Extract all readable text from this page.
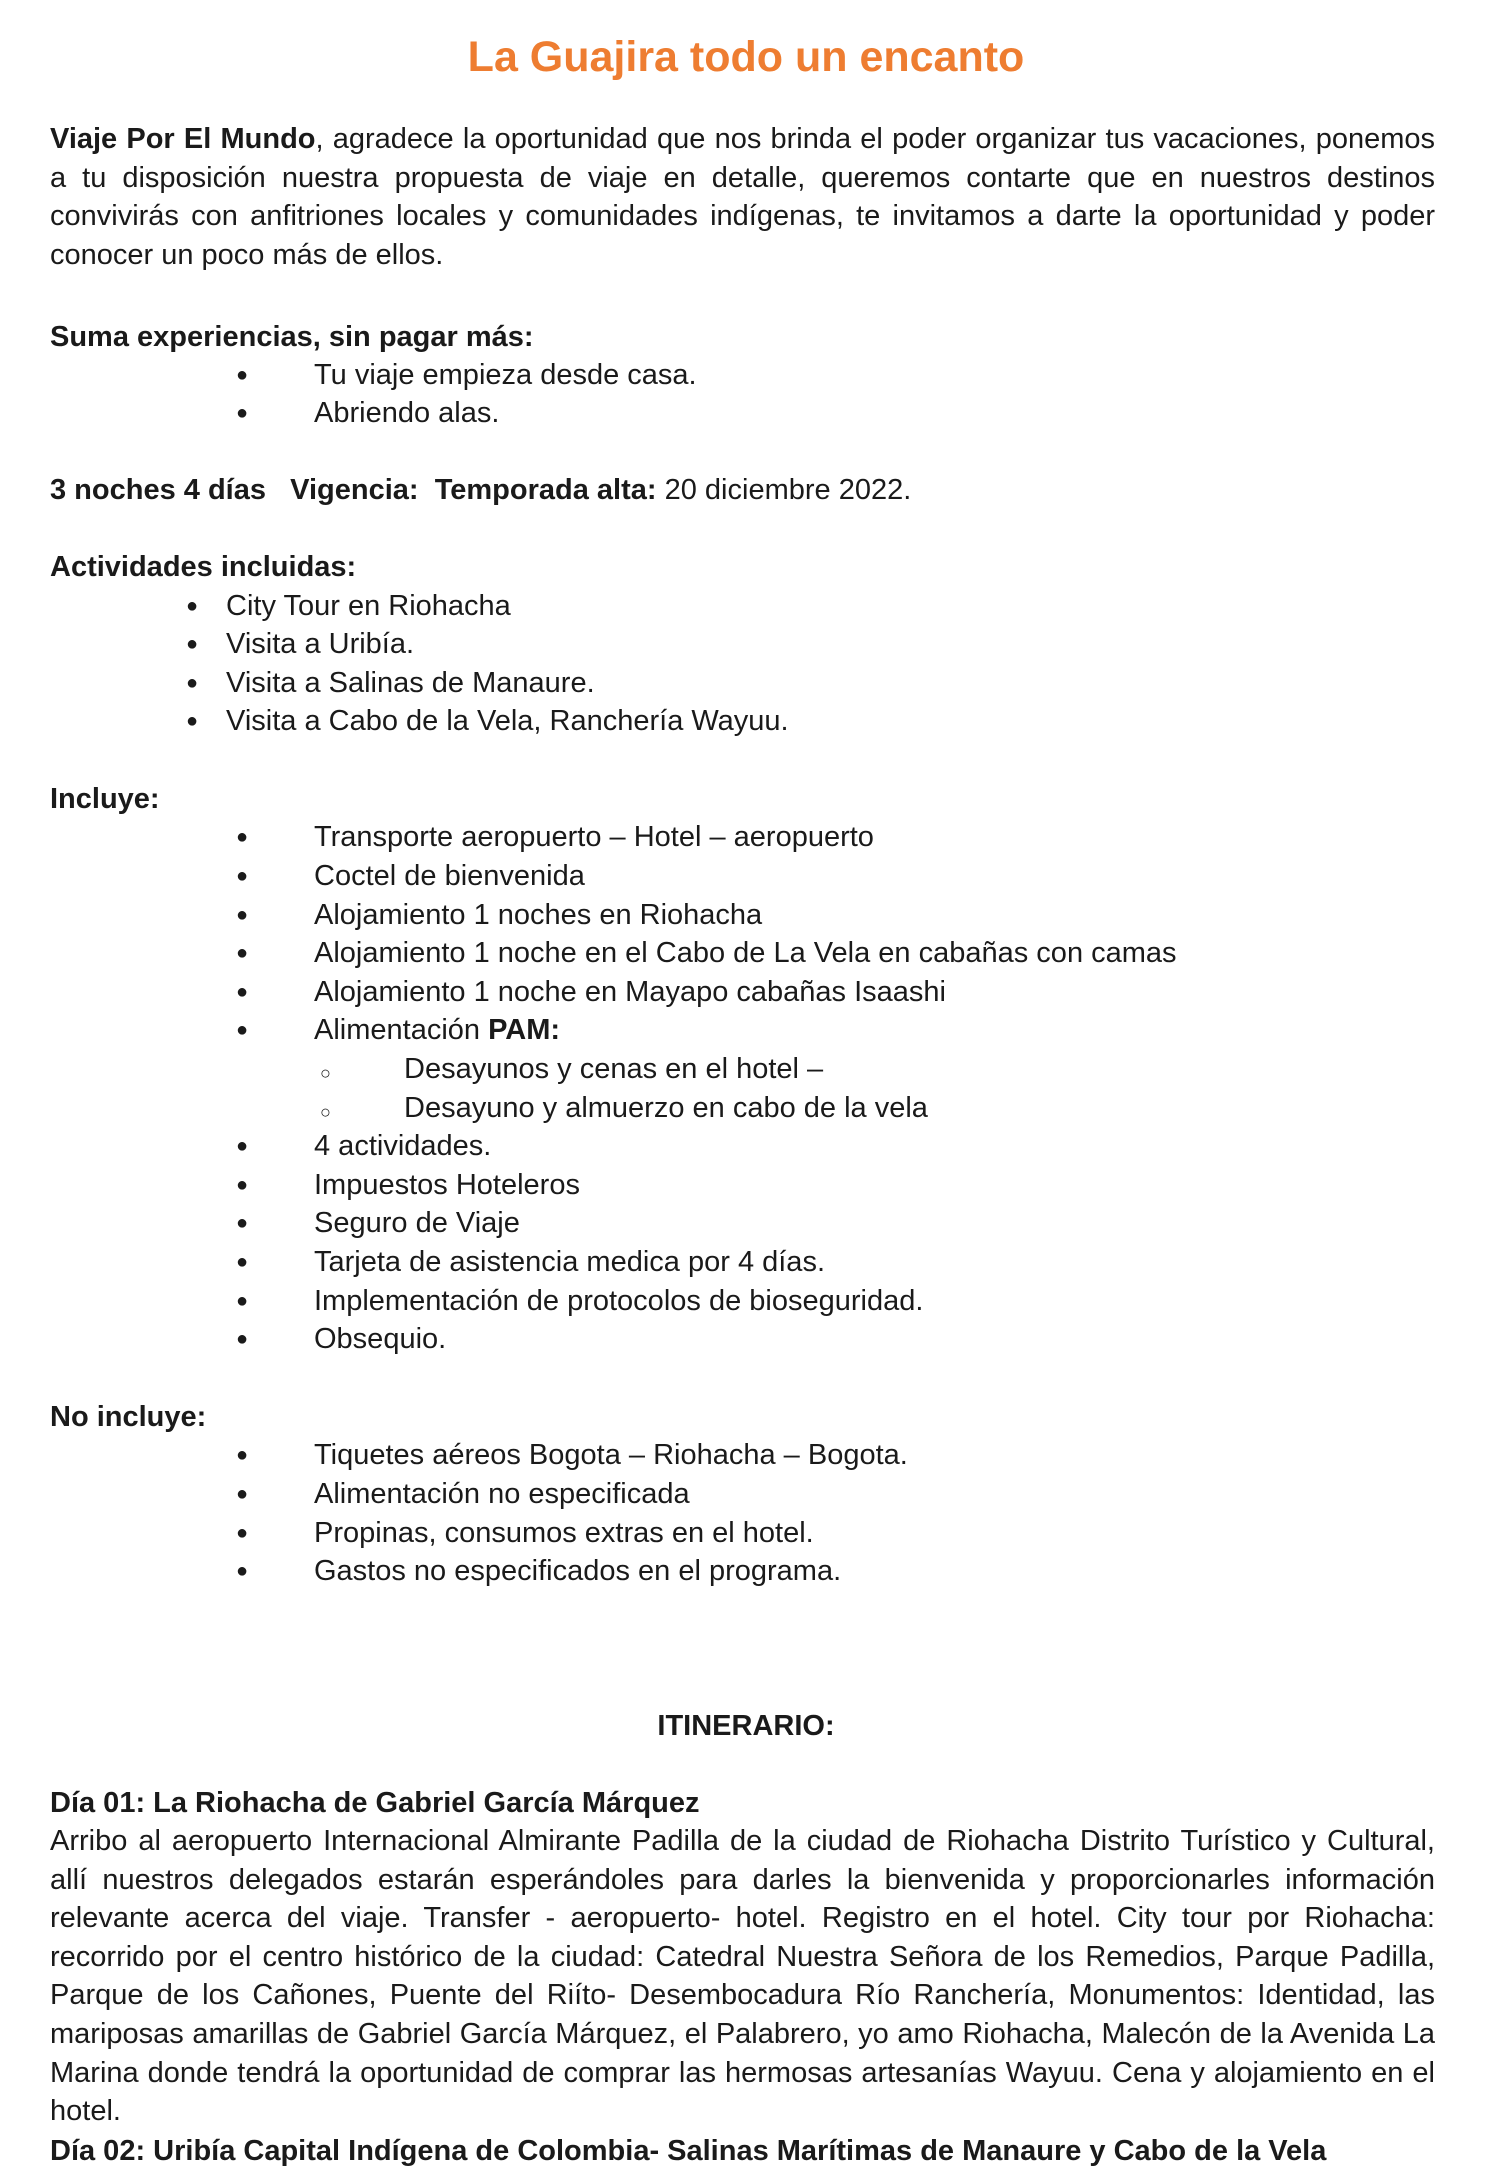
La Guajira todo un encanto
Viaje Por El Mundo, agradece la oportunidad que nos brinda el poder organizar tus vacaciones, ponemos a tu disposición nuestra propuesta de viaje en detalle, queremos contarte que en nuestros destinos convivirás con anfitriones locales y comunidades indígenas, te invitamos a darte la oportunidad y poder conocer un poco más de ellos.
Suma experiencias, sin pagar más:
● Tu viaje empieza desde casa.
● Abriendo alas.
3 noches 4 días Vigencia: Temporada alta: 20 diciembre 2022.
Actividades incluidas:
● City Tour en Riohacha
● Visita a Uribía.
● Visita a Salinas de Manaure.
● Visita a Cabo de la Vela, Ranchería Wayuu.
Incluye:
● Transporte aeropuerto – Hotel – aeropuerto
● Coctel de bienvenida
● Alojamiento 1 noches en Riohacha
● Alojamiento 1 noche en el Cabo de La Vela en cabañas con camas
● Alojamiento 1 noche en Mayapo cabañas Isaashi
● Alimentación PAM:
○	Desayunos y cenas en el hotel –
○	Desayuno y almuerzo en cabo de la vela
● 4 actividades.
● Impuestos Hoteleros
● Seguro de Viaje
● Tarjeta de asistencia medica por 4 días.
● Implementación de protocolos de bioseguridad.
● Obsequio.
No incluye:
● Tiquetes aéreos Bogota – Riohacha – Bogota.
● Alimentación no especificada
● Propinas, consumos extras en el hotel.
● Gastos no especificados en el programa.
ITINERARIO:
Día 01: La Riohacha de Gabriel García Márquez
Arribo al aeropuerto Internacional Almirante Padilla de la ciudad de Riohacha Distrito Turístico y Cultural, allí nuestros delegados estarán esperándoles para darles la bienvenida y proporcionarles información relevante acerca del viaje. Transfer - aeropuerto- hotel. Registro en el hotel. City tour por Riohacha: recorrido por el centro histórico de la ciudad: Catedral Nuestra Señora de los Remedios, Parque Padilla, Parque de los Cañones, Puente del Riíto- Desembocadura Río Ranchería, Monumentos: Identidad, las mariposas amarillas de Gabriel García Márquez, el Palabrero, yo amo Riohacha, Malecón de la Avenida La Marina donde tendrá la oportunidad de comprar las hermosas artesanías Wayuu. Cena y alojamiento en el hotel.
Día 02: Uribía Capital Indígena de Colombia- Salinas Marítimas de Manaure y Cabo de la Vela
